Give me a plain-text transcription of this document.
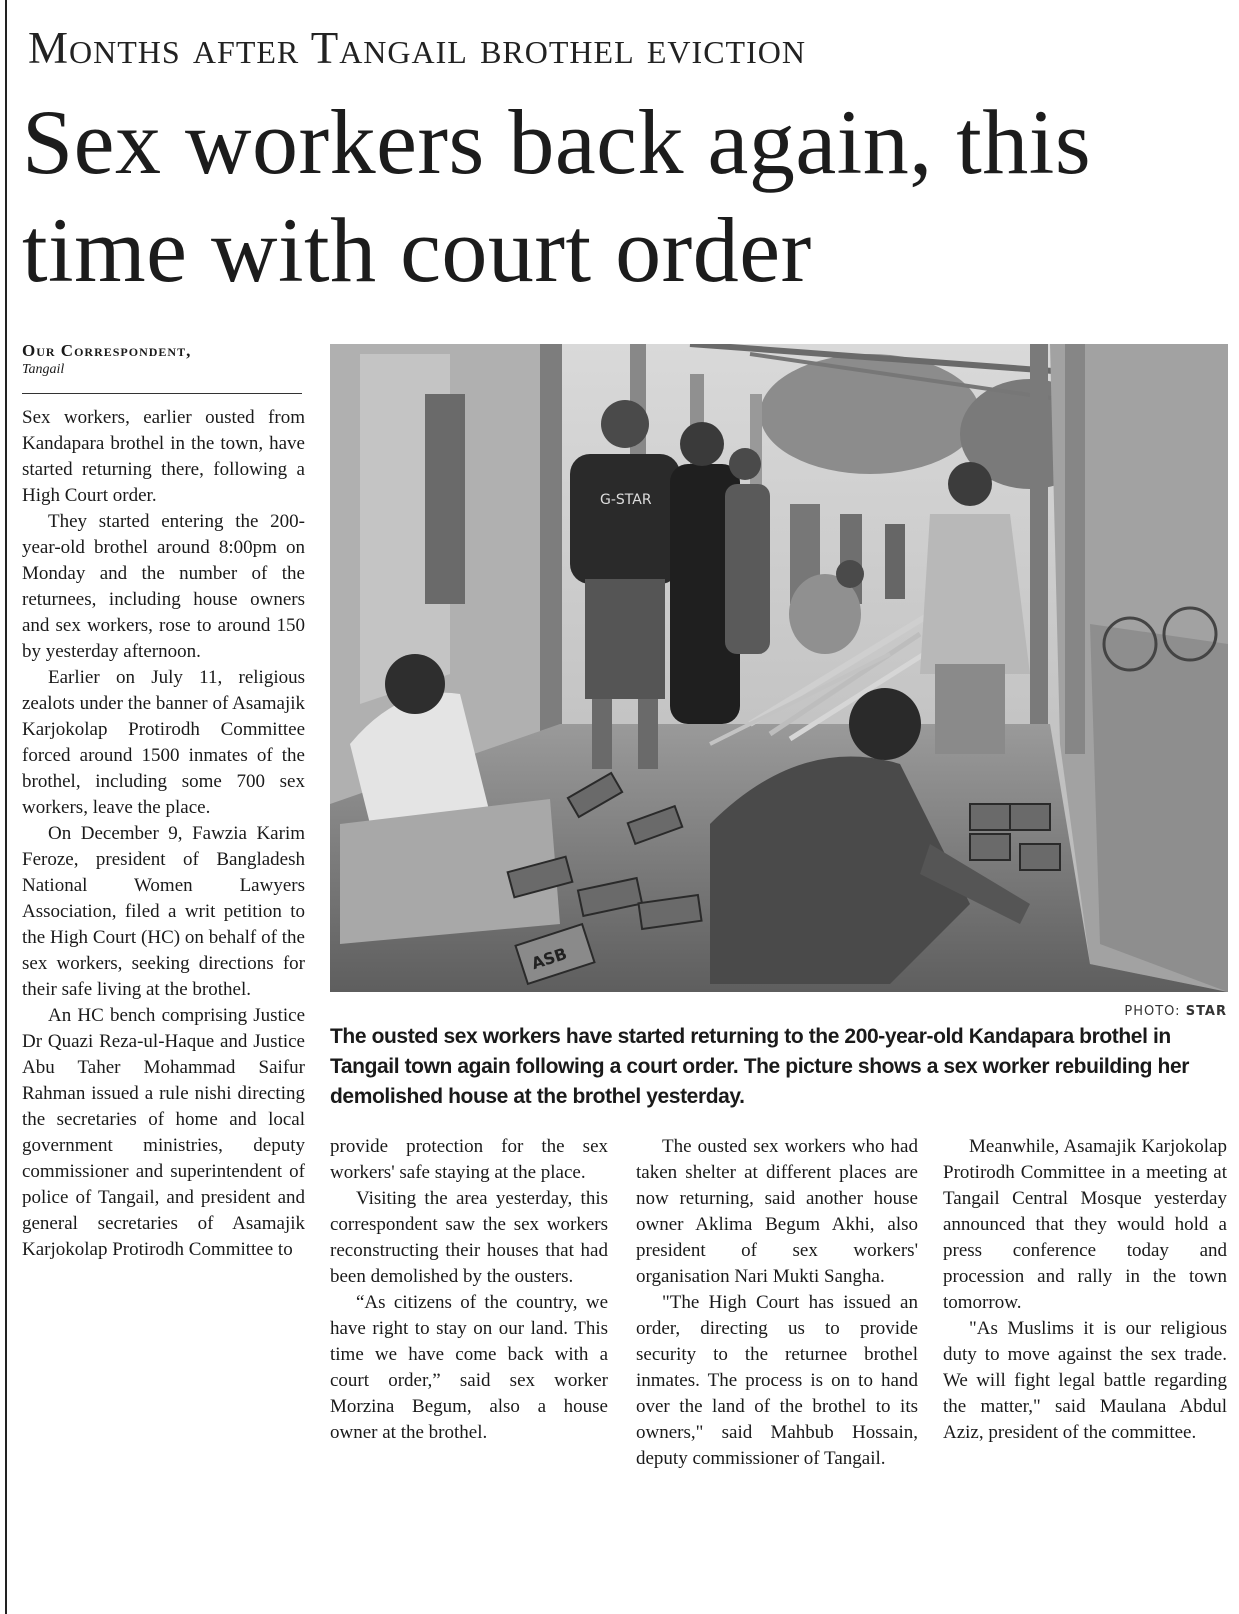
Months after Tangail brothel eviction
Sex workers back again, this time with court order
Our Correspondent,
Tangail

Sex workers, earlier ousted from Kandapara brothel in the town, have started returning there, following a High Court order.

They started entering the 200-year-old brothel around 8:00pm on Monday and the number of the returnees, including house owners and sex workers, rose to around 150 by yesterday afternoon.

Earlier on July 11, religious zealots under the banner of Asamajik Karjokolap Protirodh Committee forced around 1500 inmates of the brothel, including some 700 sex workers, leave the place.

On December 9, Fawzia Karim Feroze, president of Bangladesh National Women Lawyers Association, filed a writ petition to the High Court (HC) on behalf of the sex workers, seeking directions for their safe living at the brothel.

An HC bench comprising Justice Dr Quazi Reza-ul-Haque and Justice Abu Taher Mohammad Saifur Rahman issued a rule nishi directing the secretaries of home and local government ministries, deputy commissioner and superintendent of police of Tangail, and president and general secretaries of Asamajik Karjokolap Protirodh Committee to

G-STAR
ASB
PHOTO: STAR
The ousted sex workers have started returning to the 200-year-old Kandapara brothel in Tangail town again following a court order. The picture shows a sex worker rebuilding her demolished house at the brothel yesterday.

provide protection for the sex workers' safe staying at the place.

Visiting the area yesterday, this correspondent saw the sex workers reconstructing their houses that had been demolished by the ousters.

“As citizens of the country, we have right to stay on our land. This time we have come back with a court order,” said sex worker Morzina Begum, also a house owner at the brothel.

The ousted sex workers who had taken shelter at different places are now returning, said another house owner Aklima Begum Akhi, also president of sex workers' organisation Nari Mukti Sangha.

"The High Court has issued an order, directing us to provide security to the returnee brothel inmates. The process is on to hand over the land of the brothel to its owners," said Mahbub Hossain, deputy commissioner of Tangail.

Meanwhile, Asamajik Karjokolap Protirodh Committee in a meeting at Tangail Central Mosque yesterday announced that they would hold a press conference today and procession and rally in the town tomorrow.

"As Muslims it is our religious duty to move against the sex trade. We will fight legal battle regarding the matter," said Maulana Abdul Aziz, president of the committee.
